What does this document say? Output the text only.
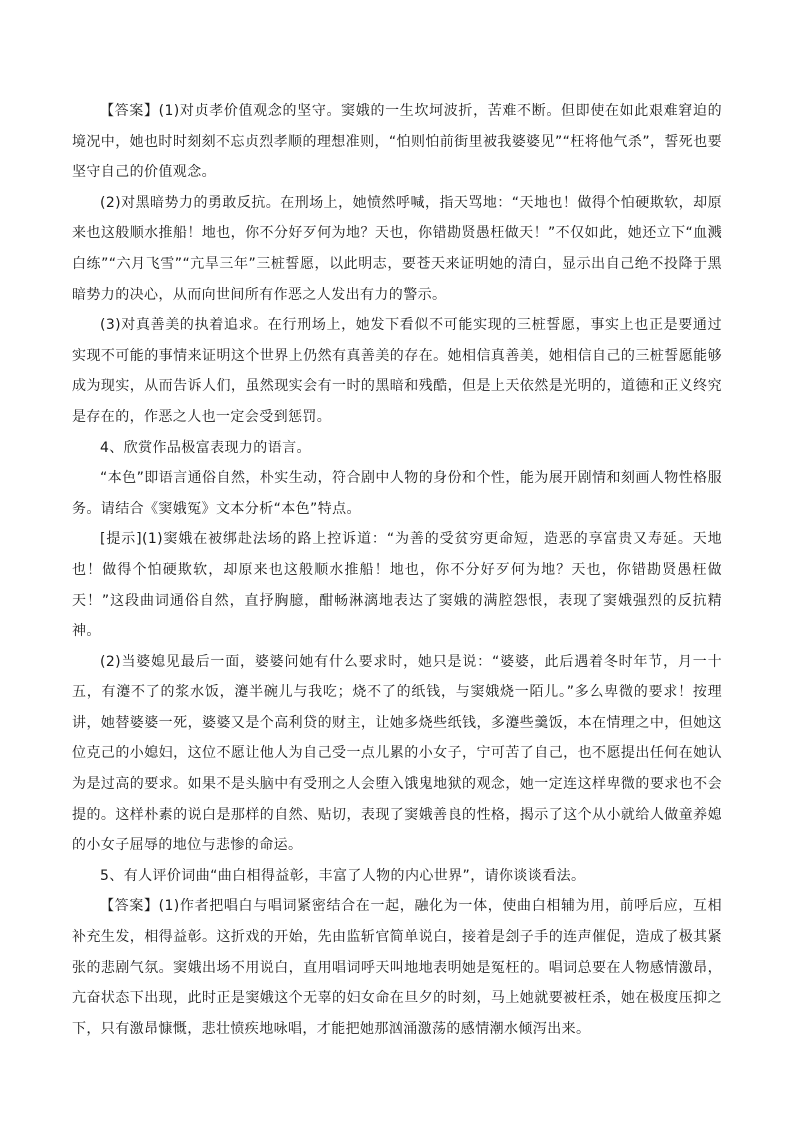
【答案】(1)对贞孝价值观念的坚守。窦娥的一生坎坷波折，苦难不断。但即使在如此艰难窘迫的境况中，她也时时刻刻不忘贞烈孝顺的理想准则，“怕则怕前街里被我婆婆见”“枉将他气杀”，誓死也要坚守自己的价值观念。

(2)对黑暗势力的勇敢反抗。在刑场上，她愤然呼喊，指天骂地：“天地也！做得个怕硬欺软，却原来也这般顺水推船！地也，你不分好歹何为地？天也，你错勘贤愚枉做天！”不仅如此，她还立下“血溅白练”“六月飞雪”“亢旱三年”三桩誓愿，以此明志，要苍天来证明她的清白，显示出自己绝不投降于黑暗势力的决心，从而向世间所有作恶之人发出有力的警示。

(3)对真善美的执着追求。在行刑场上，她发下看似不可能实现的三桩誓愿，事实上也正是要通过实现不可能的事情来证明这个世界上仍然有真善美的存在。她相信真善美，她相信自己的三桩誓愿能够成为现实，从而告诉人们，虽然现实会有一时的黑暗和残酷，但是上天依然是光明的，道德和正义终究是存在的，作恶之人也一定会受到惩罚。

4、欣赏作品极富表现力的语言。

“本色”即语言通俗自然，朴实生动，符合剧中人物的身份和个性，能为展开剧情和刻画人物性格服务。请结合《窦娥冤》文本分析“本色”特点。

[提示](1)窦娥在被绑赴法场的路上控诉道：“为善的受贫穷更命短，造恶的享富贵又寿延。天地也！做得个怕硬欺软，却原来也这般顺水推船！地也，你不分好歹何为地？天也，你错勘贤愚枉做天！”这段曲词通俗自然，直抒胸臆，酣畅淋漓地表达了窦娥的满腔怨恨，表现了窦娥强烈的反抗精神。

(2)当婆媳见最后一面，婆婆问她有什么要求时，她只是说：“婆婆，此后遇着冬时年节，月一十五，有瀽不了的浆水饭，瀽半碗儿与我吃；烧不了的纸钱，与窦娥烧一陌儿。”多么卑微的要求！按理讲，她替婆婆一死，婆婆又是个高利贷的财主，让她多烧些纸钱，多瀽些羹饭，本在情理之中，但她这位克己的小媳妇，这位不愿让他人为自己受一点儿累的小女子，宁可苦了自己，也不愿提出任何在她认为是过高的要求。如果不是头脑中有受刑之人会堕入饿鬼地狱的观念，她一定连这样卑微的要求也不会提的。这样朴素的说白是那样的自然、贴切，表现了窦娥善良的性格，揭示了这个从小就给人做童养媳的小女子屈辱的地位与悲惨的命运。

5、有人评价词曲“曲白相得益彰，丰富了人物的内心世界”，请你谈谈看法。

【答案】(1)作者把唱白与唱词紧密结合在一起，融化为一体，使曲白相辅为用，前呼后应，互相补充生发，相得益彰。这折戏的开始，先由监斩官简单说白，接着是刽子手的连声催促，造成了极其紧张的悲剧气氛。窦娥出场不用说白，直用唱词呼天叫地地表明她是冤枉的。唱词总要在人物感情激昂，亢奋状态下出现，此时正是窦娥这个无辜的妇女命在旦夕的时刻，马上她就要被枉杀，她在极度压抑之下，只有激昂慷慨，悲壮愤疾地咏唱，才能把她那汹涌激荡的感情潮水倾泻出来。
